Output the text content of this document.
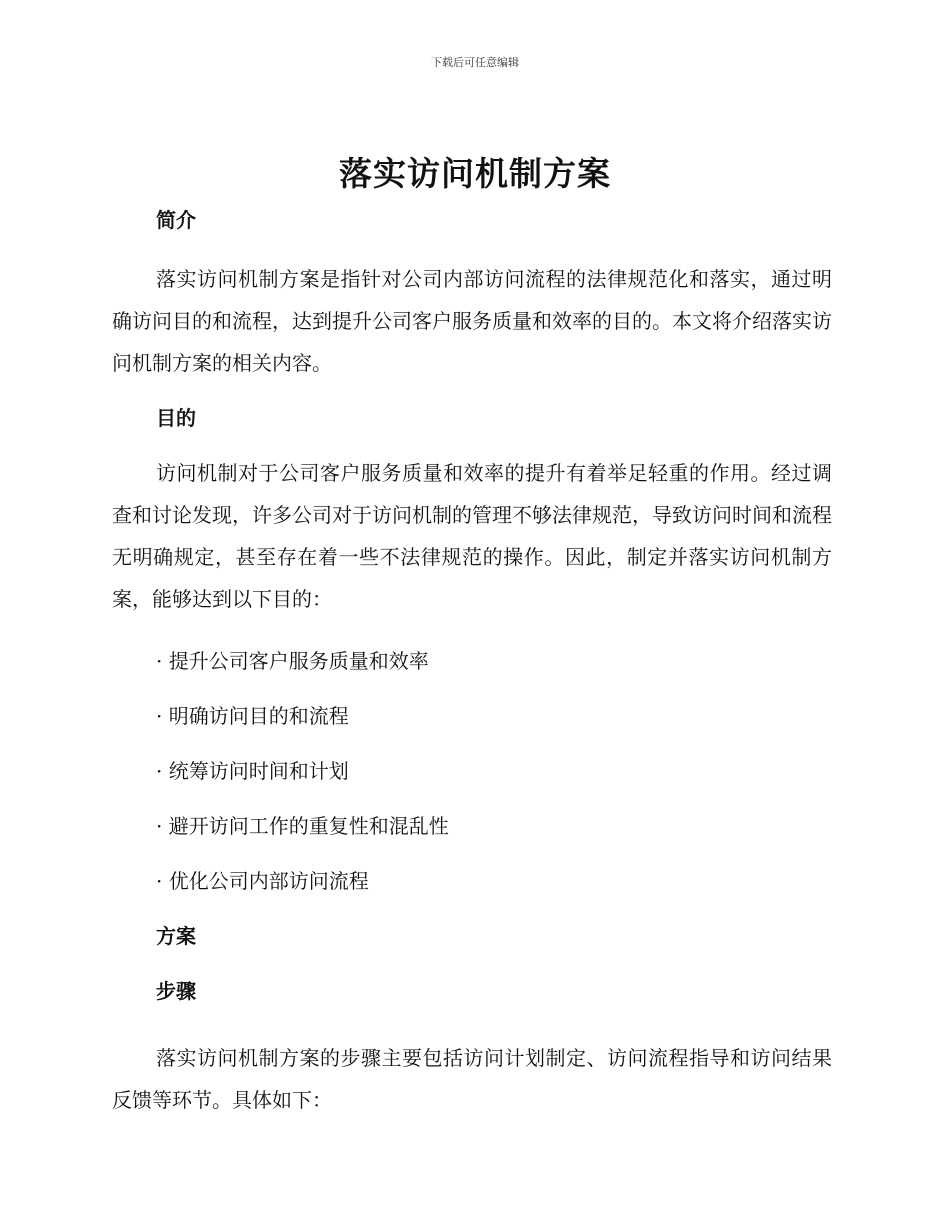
下载后可任意编辑
落实访问机制方案
简介

落实访问机制方案是指针对公司内部访问流程的法律规范化和落实，通过明确访问目的和流程，达到提升公司客户服务质量和效率的目的。本文将介绍落实访问机制方案的相关内容。

目的

访问机制对于公司客户服务质量和效率的提升有着举足轻重的作用。经过调查和讨论发现，许多公司对于访问机制的管理不够法律规范，导致访问时间和流程无明确规定，甚至存在着一些不法律规范的操作。因此，制定并落实访问机制方案，能够达到以下目的：

· 提升公司客户服务质量和效率
· 明确访问目的和流程
· 统筹访问时间和计划
· 避开访问工作的重复性和混乱性
· 优化公司内部访问流程
方案
步骤

落实访问机制方案的步骤主要包括访问计划制定、访问流程指导和访问结果反馈等环节。具体如下：
